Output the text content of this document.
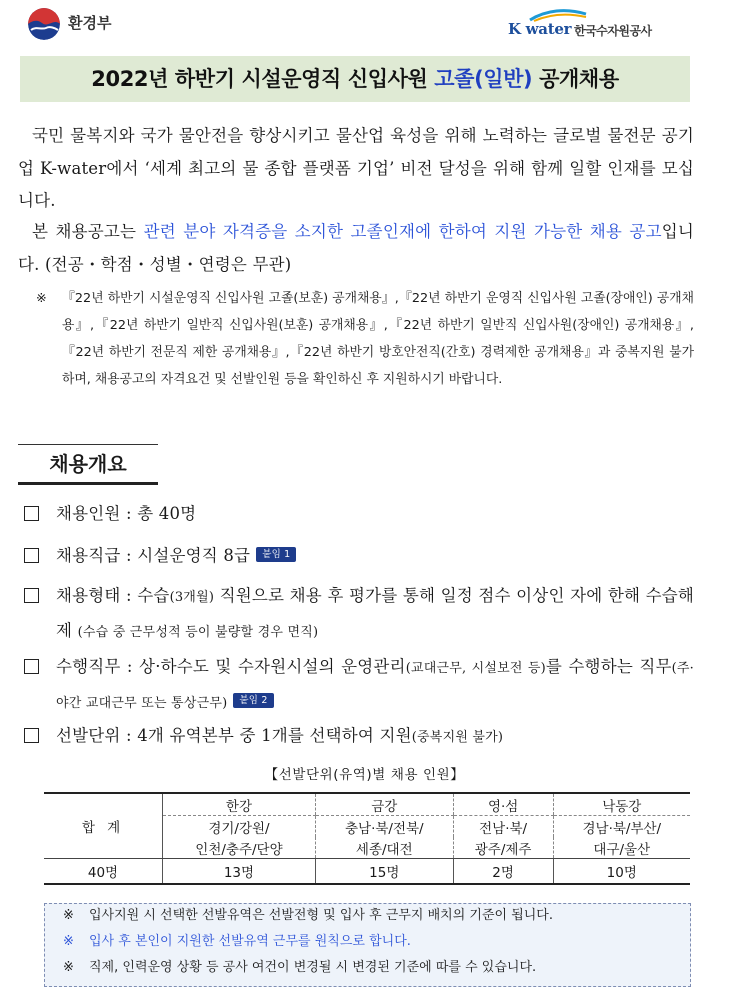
환경부	K water 한국수자원공사
2022년 하반기 시설운영직 신입사원 고졸(일반) 공개채용
국민 물복지와 국가 물안전을 향상시키고 물산업 육성을 위해 노력하는 글로벌 물전문 공기업 K-water에서 ‘세계 최고의 물 종합 플랫폼 기업’ 비전 달성을 위해 함께 일할 인재를 모십니다.
본 채용공고는 관련 분야 자격증을 소지한 고졸인재에 한하여 지원 가능한 채용 공고입니다. (전공・학점・성별・연령은 무관)
※ 『22년 하반기 시설운영직 신입사원 고졸(보훈) 공개채용』,『22년 하반기 운영직 신입사원 고졸(장애인) 공개채용』,『22년 하반기 일반직 신입사원(보훈) 공개채용』,『22년 하반기 일반직 신입사원(장애인) 공개채용』,『22년 하반기 전문직 제한 공개채용』,『22년 하반기 방호안전직(간호) 경력제한 공개채용』과 중복지원 불가 하며, 채용공고의 자격요건 및 선발인원 등을 확인하신 후 지원하시기 바랍니다.
채용개요
채용인원 : 총 40명
채용직급 : 시설운영직 8급 붙임 1
채용형태 : 수습(3개월) 직원으로 채용 후 평가를 통해 일정 점수 이상인 자에 한해 수습해제 (수습 중 근무성적 등이 불량할 경우 면직)
수행직무 : 상·하수도 및 수자원시설의 운영관리(교대근무, 시설보전 등)를 수행하는 직무(주·야간 교대근무 또는 통상근무) 붙임 2
선발단위 : 4개 유역본부 중 1개를 선택하여 지원(중복지원 불가)
【선발단위(유역)별 채용 인원】
합 계	한강	금강	영·섬	낙동강
	경기/강원/	충남·북/전북/	전남·북/	경남·북/부산/
	인천/충주/단양	세종/대전	광주/제주	대구/울산
40명	13명	15명	2명	10명
※ 입사지원 시 선택한 선발유역은 선발전형 및 입사 후 근무지 배치의 기준이 됩니다.
※ 입사 후 본인이 지원한 선발유역 근무를 원칙으로 합니다.
※ 직제, 인력운영 상황 등 공사 여건이 변경될 시 변경된 기준에 따를 수 있습니다.
